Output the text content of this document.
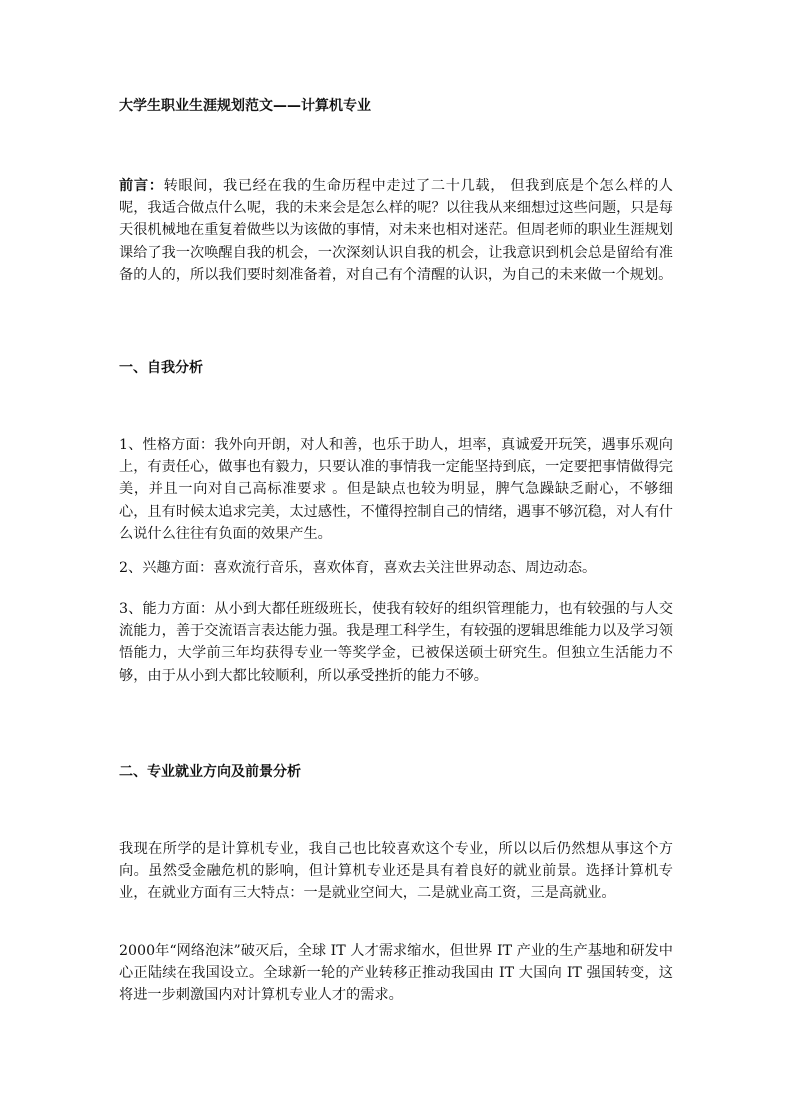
大学生职业生涯规划范文——计算机专业

前言：转眼间，我已经在我的生命历程中走过了二十几载， 但我到底是个怎么样的人呢，我适合做点什么呢，我的未来会是怎么样的呢？以往我从来细想过这些问题，只是每天很机械地在重复着做些以为该做的事情，对未来也相对迷茫。但周老师的职业生涯规划课给了我一次唤醒自我的机会，一次深刻认识自我的机会，让我意识到机会总是留给有准备的人的，所以我们要时刻准备着，对自己有个清醒的认识，为自己的未来做一个规划。

一、自我分析

1、性格方面：我外向开朗，对人和善，也乐于助人，坦率，真诚爱开玩笑，遇事乐观向上，有责任心，做事也有毅力，只要认准的事情我一定能坚持到底，一定要把事情做得完美，并且一向对自己高标准要求 。但是缺点也较为明显，脾气急躁缺乏耐心，不够细心，且有时候太追求完美，太过感性，不懂得控制自己的情绪，遇事不够沉稳，对人有什么说什么往往有负面的效果产生。

2、兴趣方面：喜欢流行音乐，喜欢体育，喜欢去关注世界动态、周边动态。

3、能力方面：从小到大都任班级班长，使我有较好的组织管理能力，也有较强的与人交流能力，善于交流语言表达能力强。我是理工科学生，有较强的逻辑思维能力以及学习领悟能力，大学前三年均获得专业一等奖学金，已被保送硕士研究生。但独立生活能力不够，由于从小到大都比较顺利，所以承受挫折的能力不够。

二、专业就业方向及前景分析

我现在所学的是计算机专业，我自己也比较喜欢这个专业，所以以后仍然想从事这个方向。虽然受金融危机的影响，但计算机专业还是具有着良好的就业前景。选择计算机专业，在就业方面有三大特点：一是就业空间大，二是就业高工资，三是高就业。

2000年“网络泡沫”破灭后，全球 IT 人才需求缩水，但世界 IT 产业的生产基地和研发中心正陆续在我国设立。全球新一轮的产业转移正推动我国由 IT 大国向 IT 强国转变，这将进一步刺激国内对计算机专业人才的需求。
